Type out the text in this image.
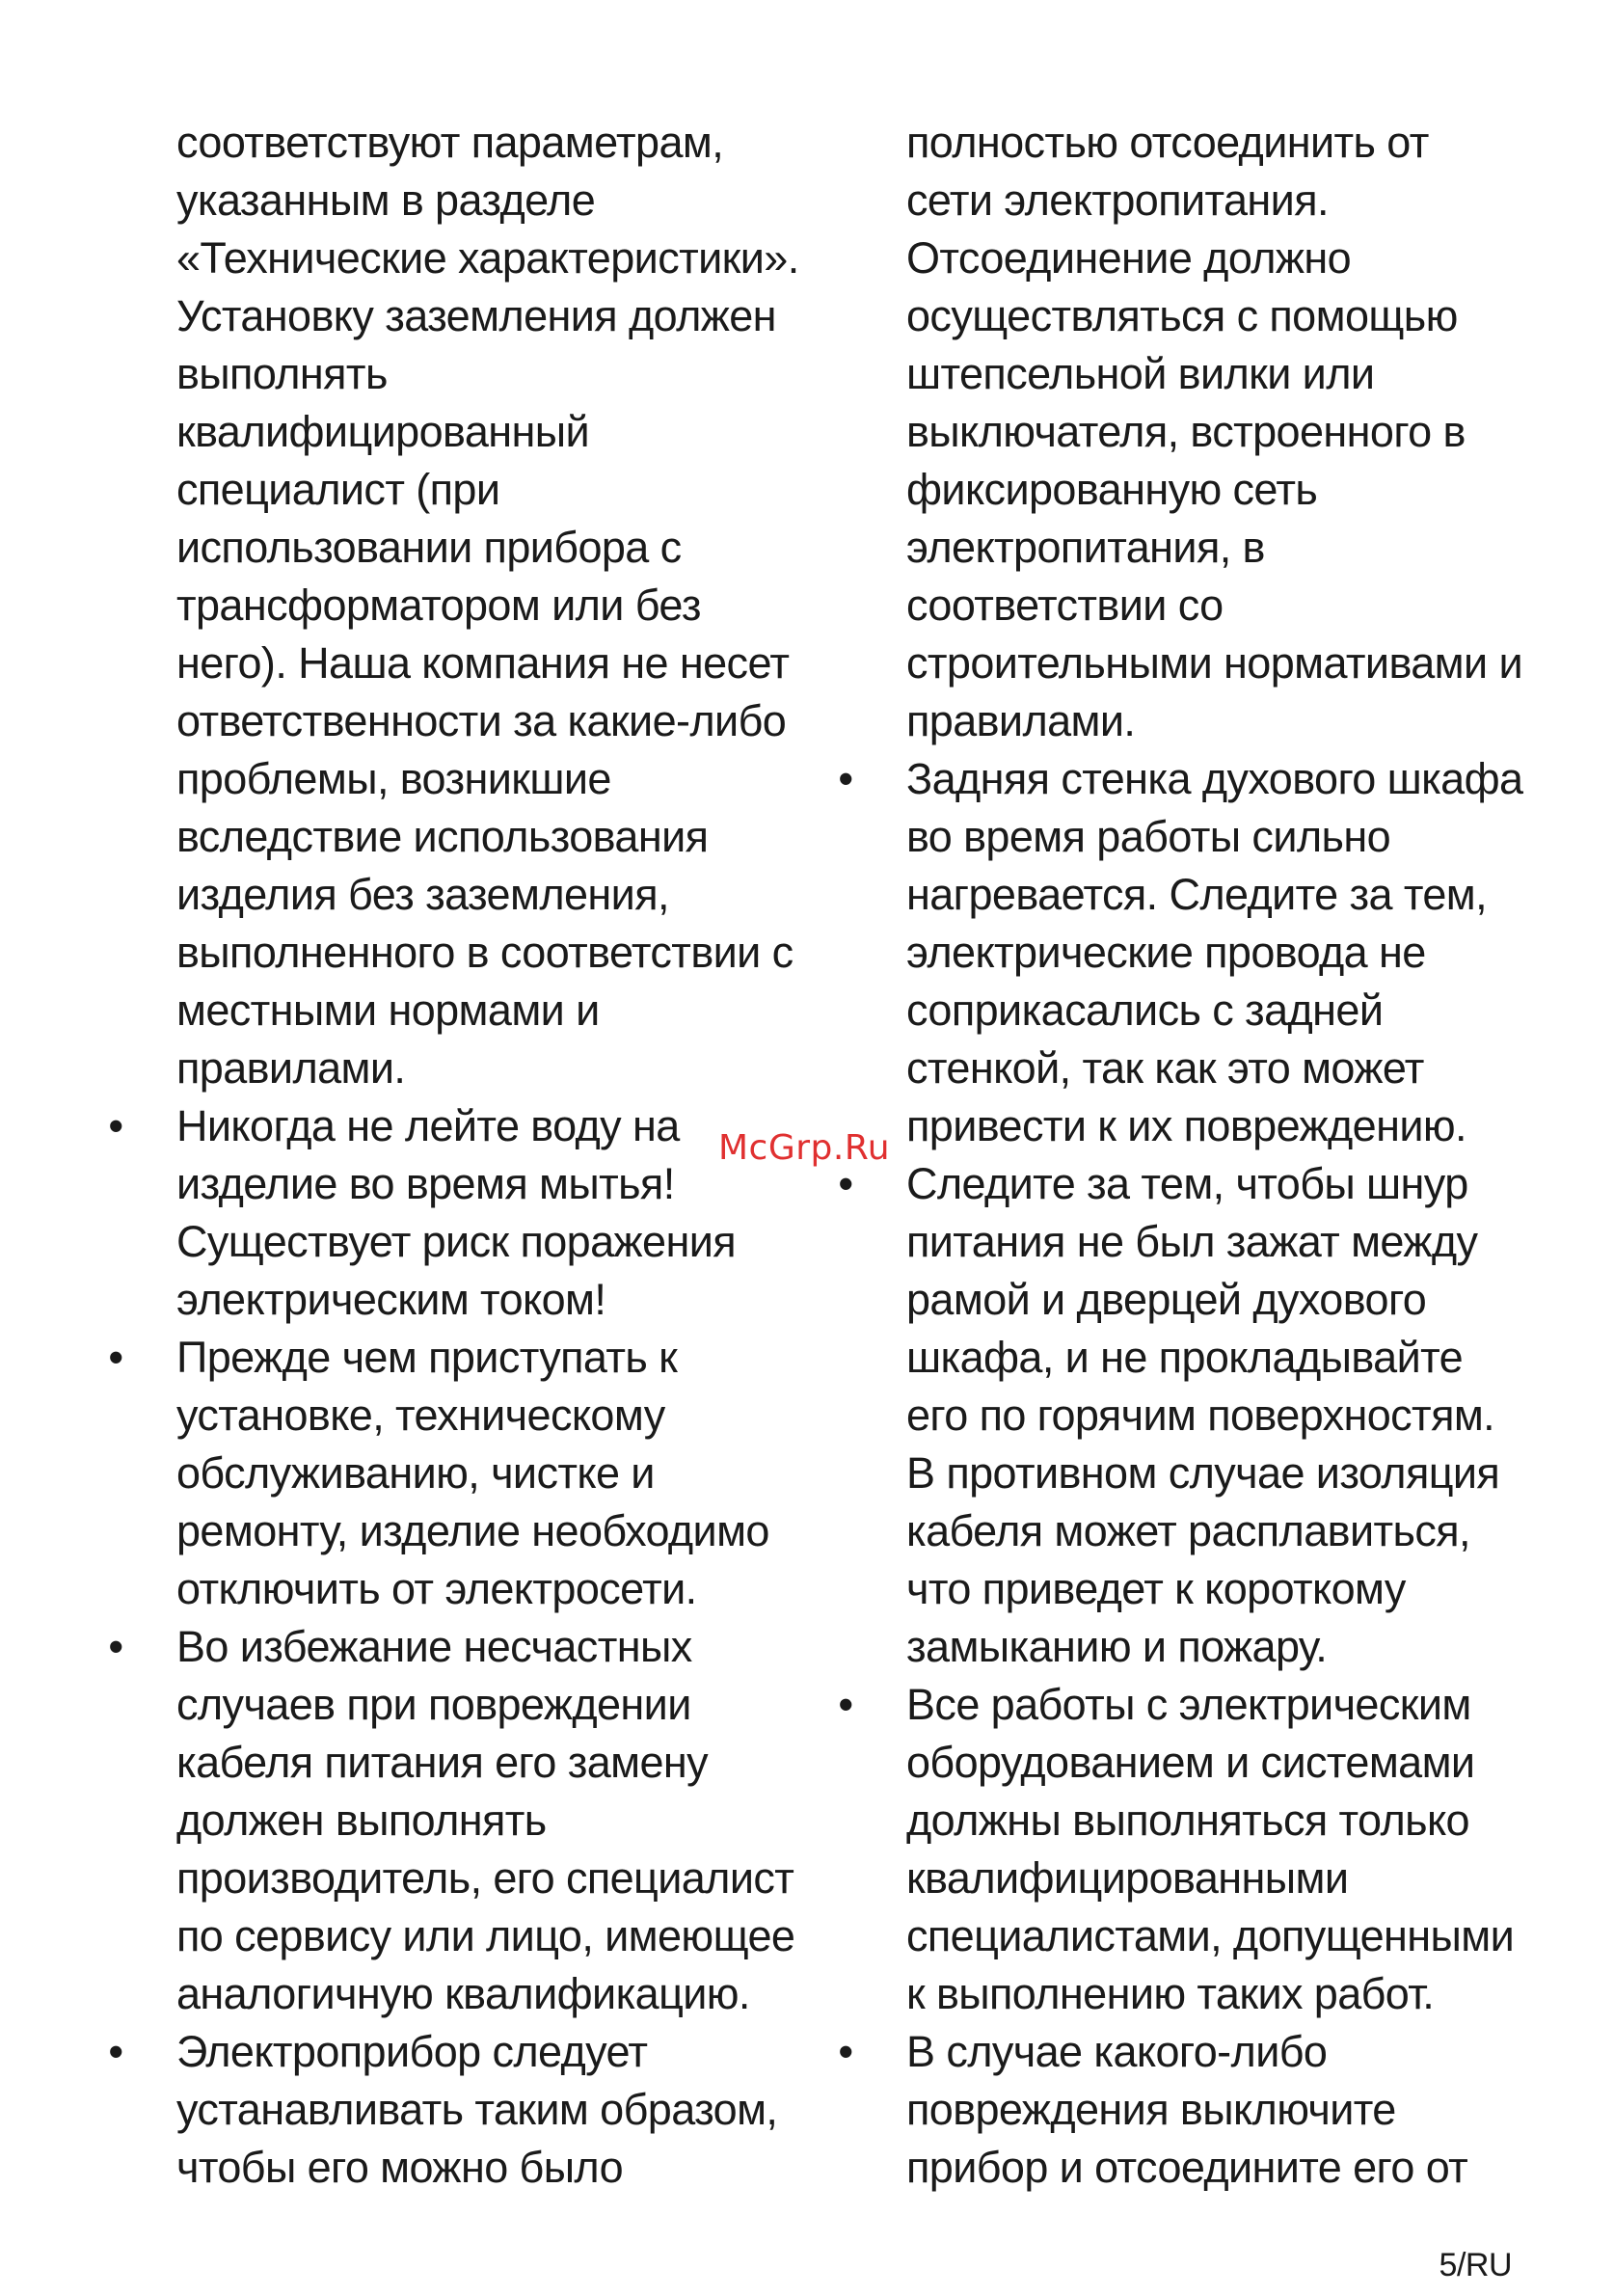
соответствуют параметрам,
указанным в разделе
«Технические характеристики».
Установку заземления должен
выполнять
квалифицированный
специалист (при
использовании прибора с
трансформатором или без
него). Наша компания не несет
ответственности за какие-либо
проблемы, возникшие
вследствие использования
изделия без заземления,
выполненного в соответствии с
местными нормами и
правилами.
• Никогда не лейте воду на
изделие во время мытья!
Существует риск поражения
электрическим током!
• Прежде чем приступать к
установке, техническому
обслуживанию, чистке и
ремонту, изделие необходимо
отключить от электросети.
• Во избежание несчастных
случаев при повреждении
кабеля питания его замену
должен выполнять
производитель, его специалист
по сервису или лицо, имеющее
аналогичную квалификацию.
• Электроприбор следует
устанавливать таким образом,
чтобы его можно было
полностью отсоединить от
сети электропитания.
Отсоединение должно
осуществляться с помощью
штепсельной вилки или
выключателя, встроенного в
фиксированную сеть
электропитания, в
соответствии со
строительными нормативами и
правилами.
• Задняя стенка духового шкафа
во время работы сильно
нагревается. Следите за тем,
электрические провода не
соприкасались с задней
стенкой, так как это может
привести к их повреждению.
• Следите за тем, чтобы шнур
питания не был зажат между
рамой и дверцей духового
шкафа, и не прокладывайте
его по горячим поверхностям.
В противном случае изоляция
кабеля может расплавиться,
что приведет к короткому
замыканию и пожару.
• Все работы с электрическим
оборудованием и системами
должны выполняться только
квалифицированными
специалистами, допущенными
к выполнению таких работ.
• В случае какого-либо
повреждения выключите
прибор и отсоедините его от
McGrp.Ru
5/RU
